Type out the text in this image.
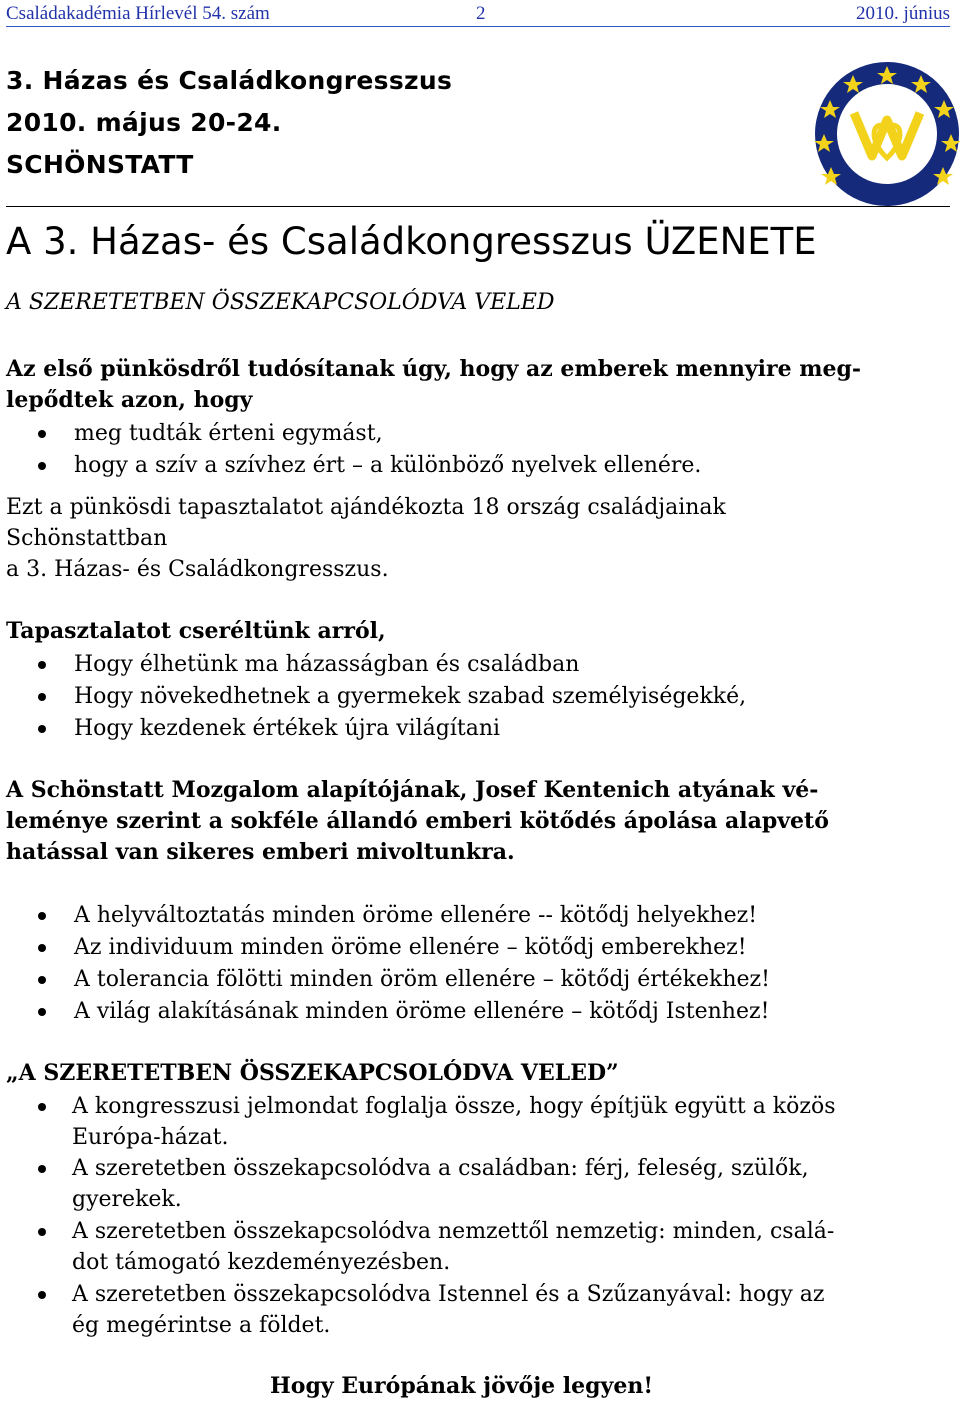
Családakadémia Hírlevél 54. szám	2	2010. június
3. Házas és Családkongresszus
2010. május 20-24.
SCHÖNSTATT
A 3. Házas- és Családkongresszus ÜZENETE
A SZERETETBEN ÖSSZEKAPCSOLÓDVA VELED
Az első pünkösdről tudósítanak úgy, hogy az emberek mennyire meg-
lepődtek azon, hogy
meg tudták érteni egymást,
hogy a szív a szívhez ért – a különböző nyelvek ellenére.
Ezt a pünkösdi tapasztalatot ajándékozta 18 ország családjainak
Schönstattban
a 3. Házas- és Családkongresszus.
Tapasztalatot cseréltünk arról,
Hogy élhetünk ma házasságban és családban
Hogy növekedhetnek a gyermekek szabad személyiségekké,
Hogy kezdenek értékek újra világítani
A Schönstatt Mozgalom alapítójának, Josef Kentenich atyának vé-
leménye szerint a sokféle állandó emberi kötődés ápolása alapvető
hatással van sikeres emberi mivoltunkra.
A helyváltoztatás minden öröme ellenére -- kötődj helyekhez!
Az individuum minden öröme ellenére – kötődj emberekhez!
A tolerancia fölötti minden öröm ellenére – kötődj értékekhez!
A világ alakításának minden öröme ellenére – kötődj Istenhez!
„A SZERETETBEN ÖSSZEKAPCSOLÓDVA VELED”
A kongresszusi jelmondat foglalja össze, hogy építjük együtt a közös
Európa-házat.
A szeretetben összekapcsolódva a családban: férj, feleség, szülők,
gyerekek.
A szeretetben összekapcsolódva nemzettől nemzetig: minden, csalá-
dot támogató kezdeményezésben.
A szeretetben összekapcsolódva Istennel és a Szűzanyával: hogy az
ég megérintse a földet.
Hogy Európának jövője legyen!
